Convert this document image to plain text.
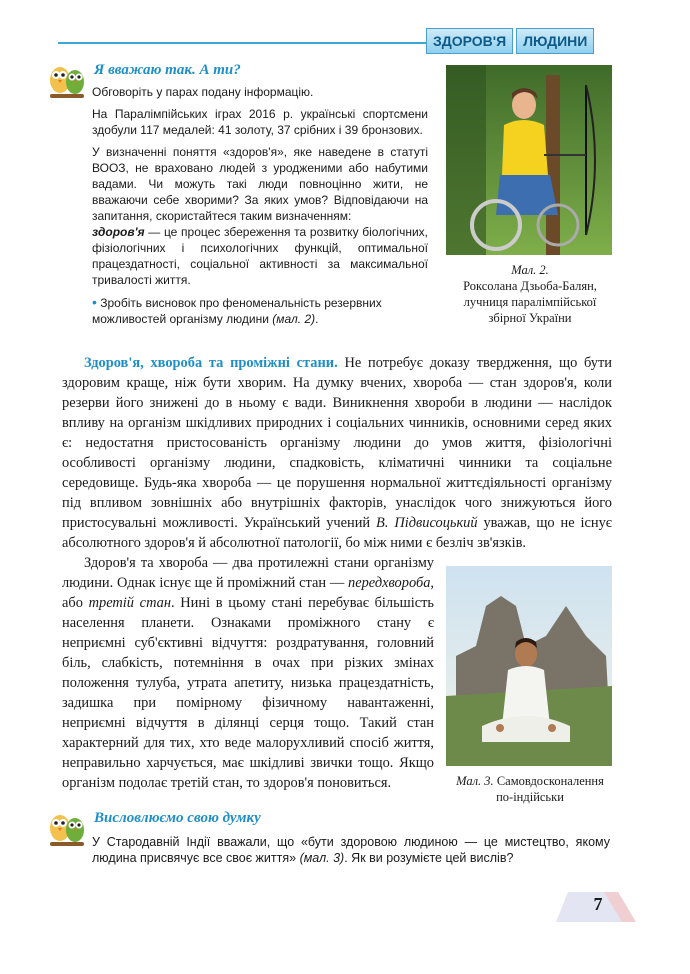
ЗДОРОВ'Я	ЛЮДИНИ
Я вважаю так. А ти?

Обговоріть у парах подану інформацію.

На Паралімпійських іграх 2016 р. українські спортсмени здобули 117 медалей: 41 золоту, 37 срібних і 39 бронзових.

У визначенні поняття «здоров'я», яке наведене в статуті ВООЗ, не враховано людей з уродженими або набутими вадами. Чи можуть такі люди повноцінно жити, не вважаючи себе хворими? За яких умов? Відповідаючи на запитання, скористайтеся таким визначенням:

здоров'я — це процес збереження та розвитку біологічних, фізіологічних і психологічних функцій, оптимальної працездатності, соціальної активності за максимальної тривалості життя.

• Зробіть висновок про феноменальність резервних можливостей організму людини (мал. 2).

Мал. 2.
Роксолана Дзьоба-Балян,
лучниця паралімпійської
збірної України

Здоров'я, хвороба та проміжні стани. Не потребує доказу твердження, що бути здоровим краще, ніж бути хворим. На думку вчених, хвороба — стан здоров'я, коли резерви його знижені до в ньому є вади. Виникнення хвороби в людини — наслідок впливу на організм шкідливих природних і соціальних чинників, основними серед яких є: недостатня пристосованість організму людини до умов життя, фізіологічні особливості організму людини, спадковість, кліматичні чинники та соціальне середовище. Будь-яка хвороба — це порушення нормальної життєдіяльності організму під впливом зовнішніх або внутрішніх факторів, унаслідок чого знижуються його пристосувальні можливості. Український учений В. Підвисоцький уважав, що не існує абсолютного здоров'я й абсолютної патології, бо між ними є безліч зв'язків.

Здоров'я та хвороба — два протилежні стани організму людини. Однак існує ще й проміжний стан — передхвороба, або третій стан. Нині в цьому стані перебуває більшість населення планети. Ознаками проміжного стану є неприємні суб'єктивні відчуття: роздратування, головний біль, слабкість, потемніння в очах при різких змінах положення тулуба, утрата апетиту, низька працездатність, задишка при помірному фізичному навантаженні, неприємні відчуття в ділянці серця тощо. Такий стан характерний для тих, хто веде малорухливий спосіб життя, неправильно харчується, має шкідливі звички тощо. Якщо організм подолає третій стан, то здоров'я поновиться.	Мал. 3. Самовдосконалення
по-індійськи
Висловлюємо свою думку

У Стародавній Індії вважали, що «бути здоровою людиною — це мистецтво, якому людина присвячує все своє життя» (мал. 3). Як ви розумієте цей вислів?

7
